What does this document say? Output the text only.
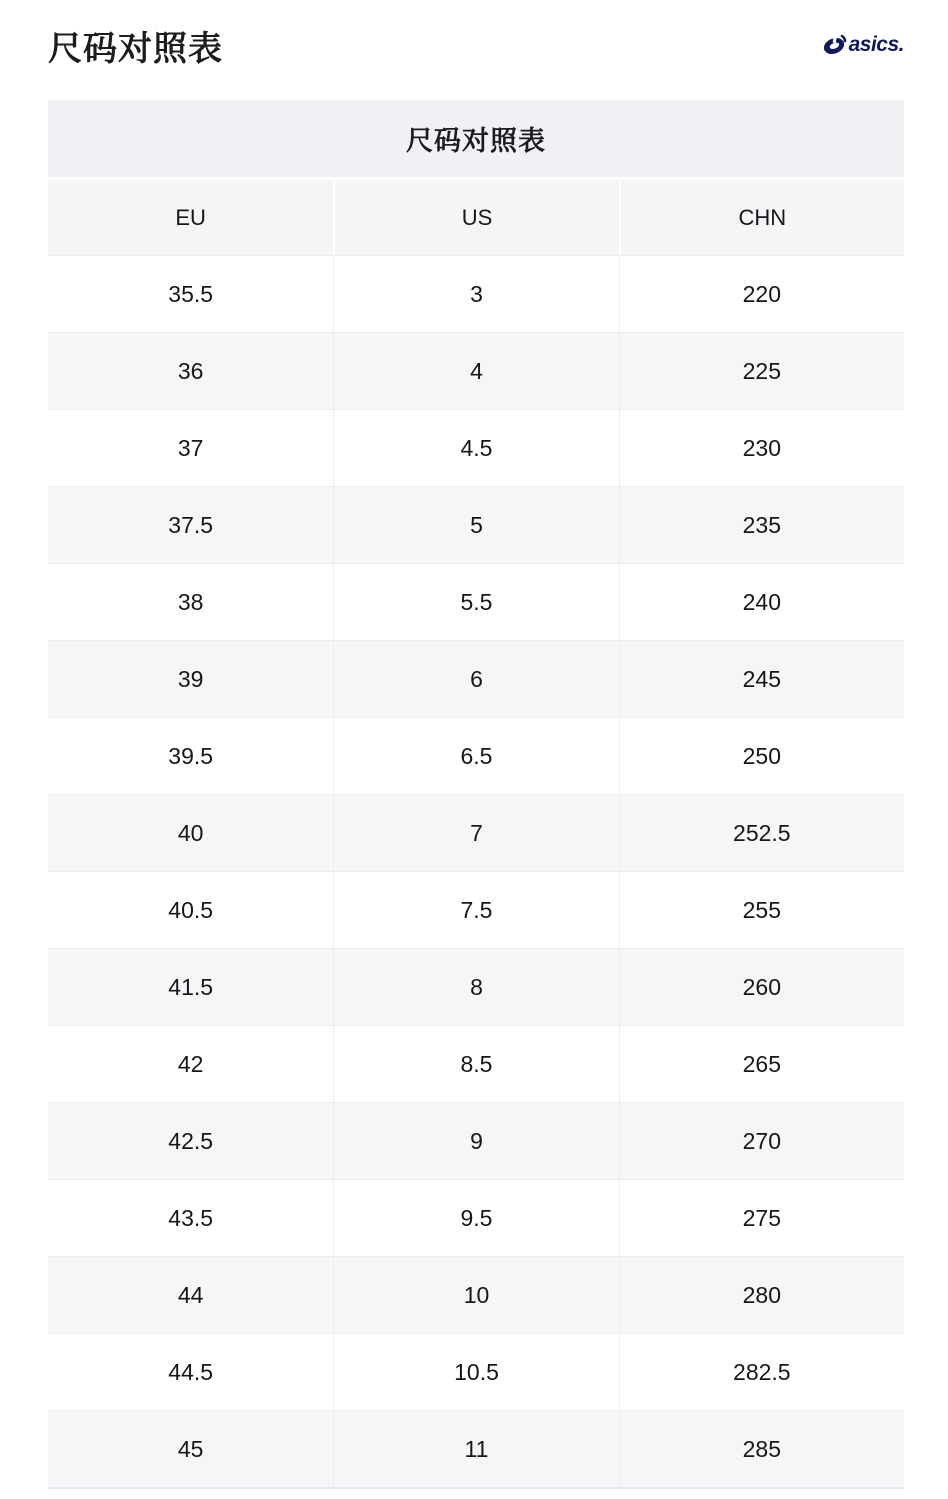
尺码对照表	asics.
尺码对照表
EU	US	CHN
35.5	3	220
36	4	225
37	4.5	230
37.5	5	235
38	5.5	240
39	6	245
39.5	6.5	250
40	7	252.5
40.5	7.5	255
41.5	8	260
42	8.5	265
42.5	9	270
43.5	9.5	275
44	10	280
44.5	10.5	282.5
45	11	285
